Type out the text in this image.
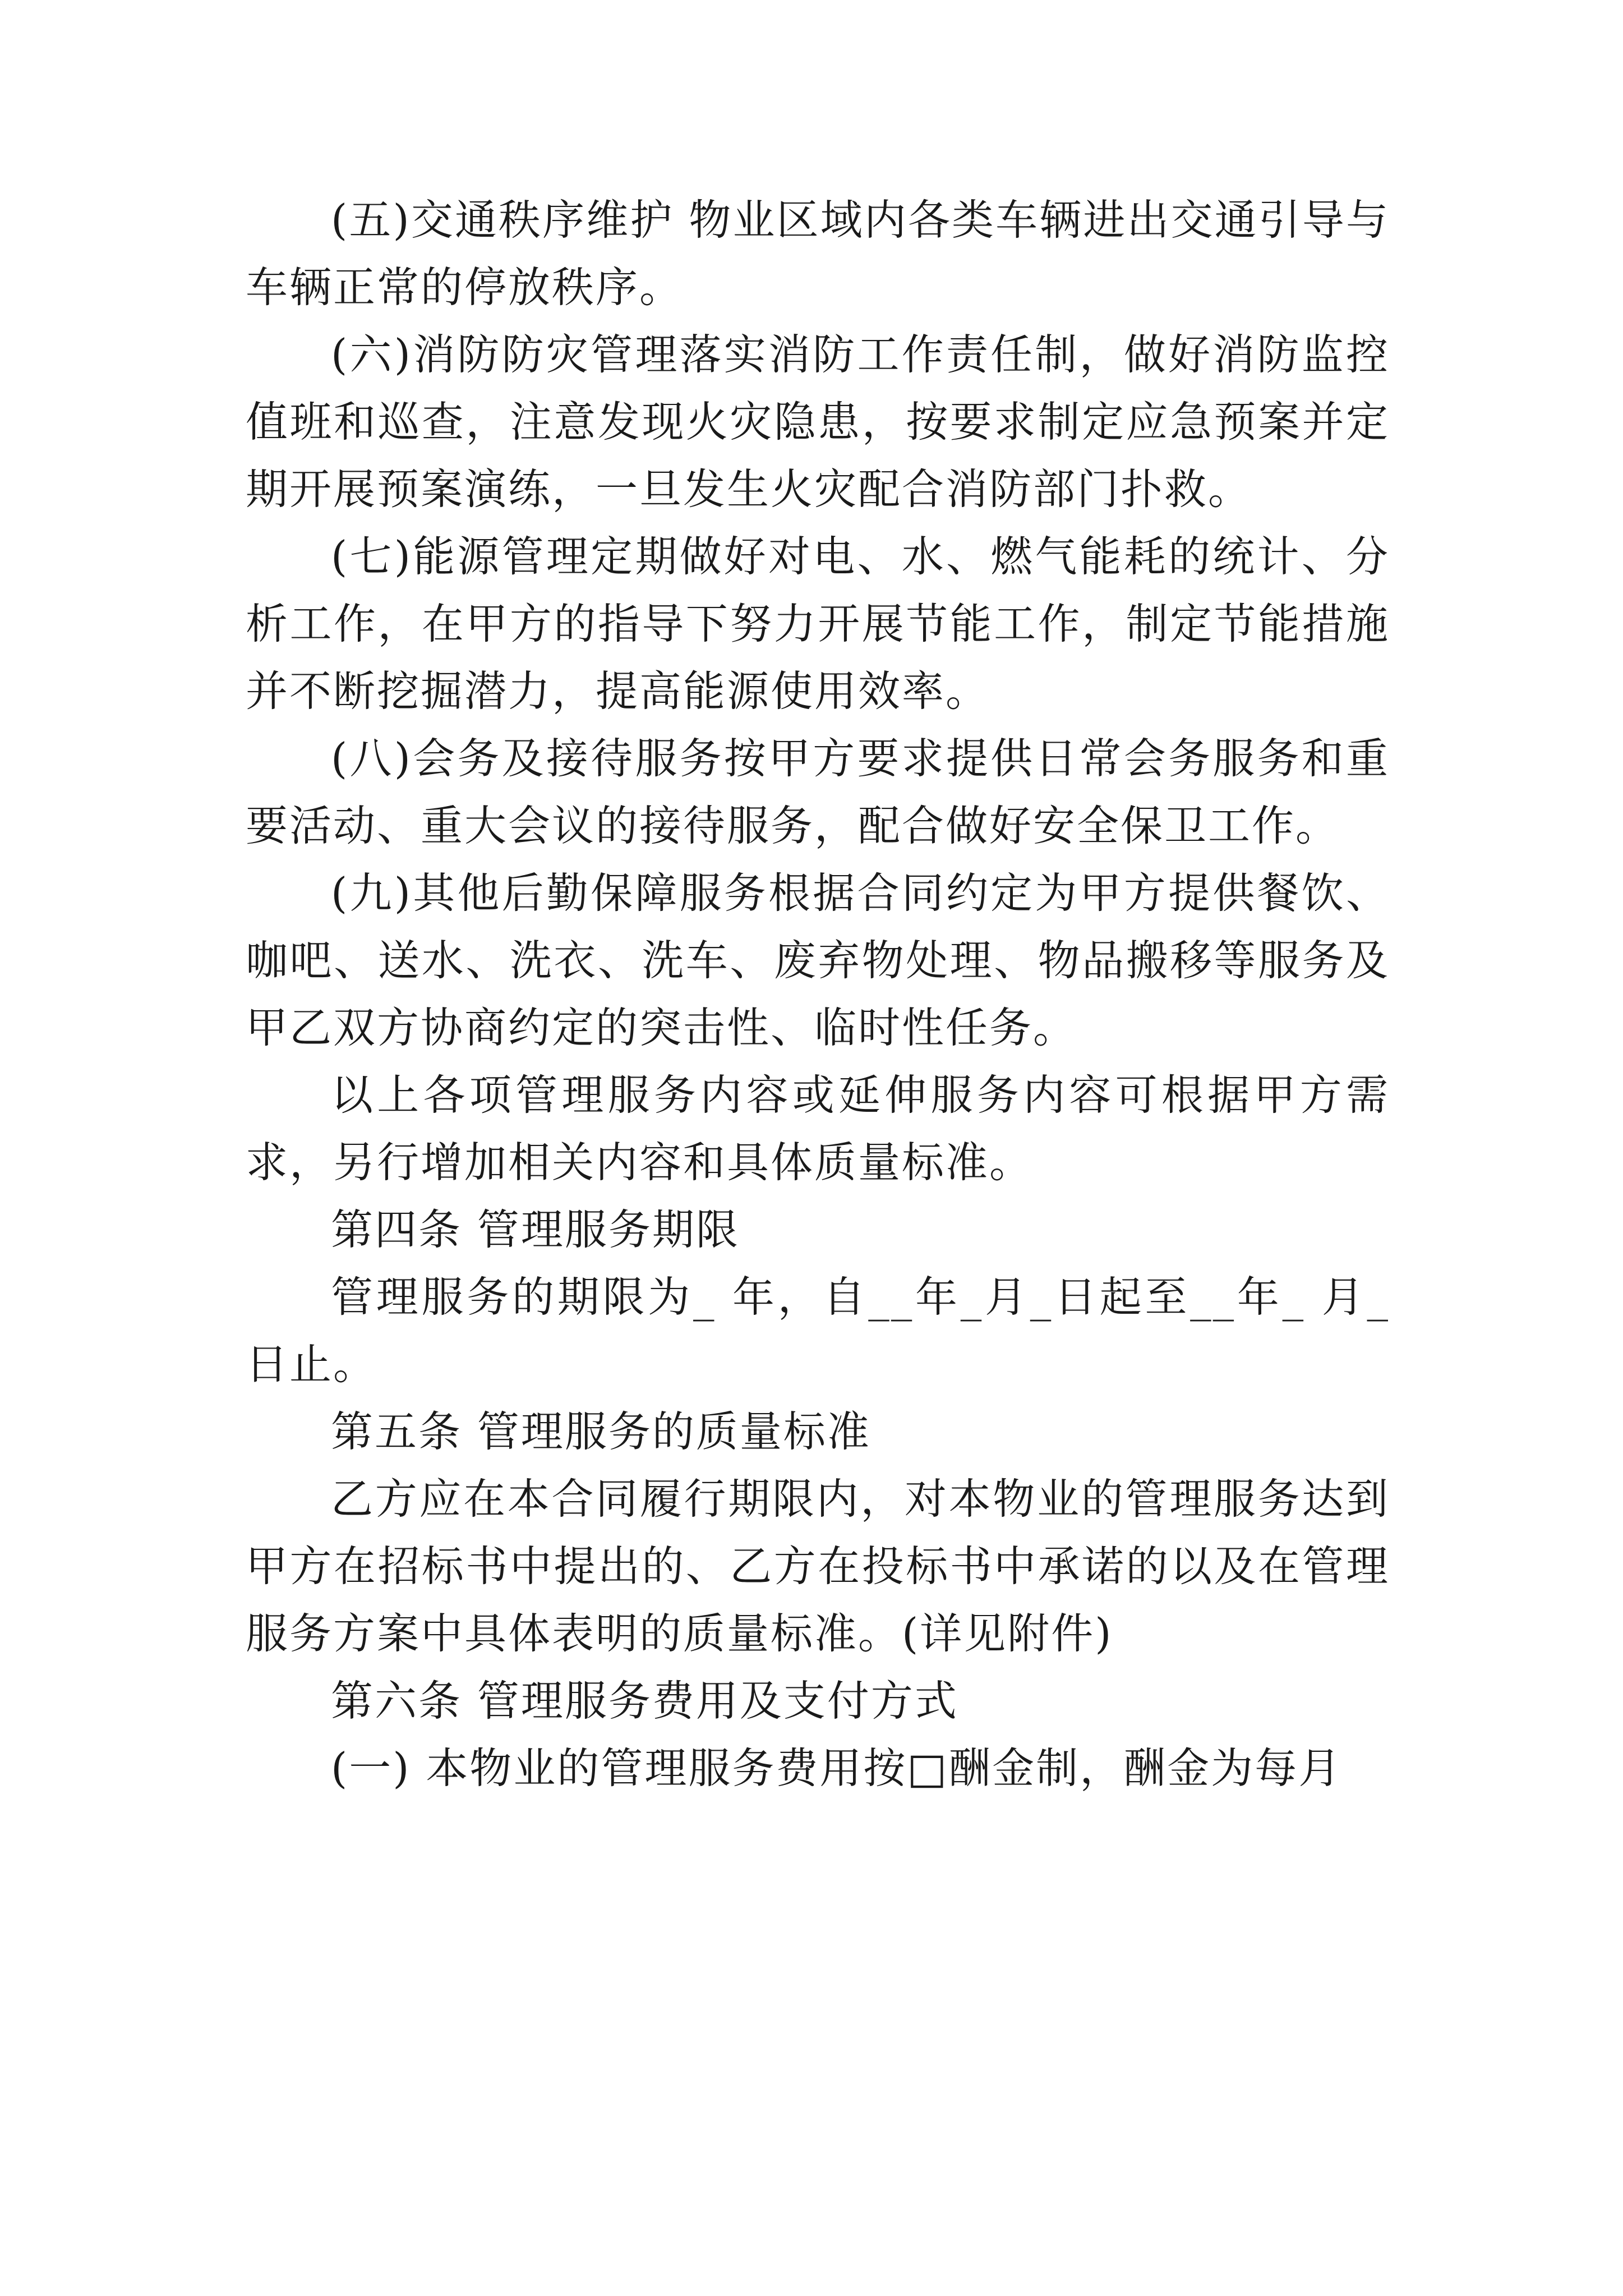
(五)交通秩序维护 物业区域内各类车辆进出交通引导与车辆正常的停放秩序。

(六)消防防灾管理落实消防工作责任制，做好消防监控值班和巡查，注意发现火灾隐患，按要求制定应急预案并定期开展预案演练，一旦发生火灾配合消防部门扑救。

(七)能源管理定期做好对电、水、燃气能耗的统计、分析工作，在甲方的指导下努力开展节能工作，制定节能措施并不断挖掘潜力，提高能源使用效率。

(八)会务及接待服务按甲方要求提供日常会务服务和重要活动、重大会议的接待服务，配合做好安全保卫工作。

(九)其他后勤保障服务根据合同约定为甲方提供餐饮、咖吧、送水、洗衣、洗车、废弃物处理、物品搬移等服务及甲乙双方协商约定的突击性、临时性任务。

以上各项管理服务内容或延伸服务内容可根据甲方需求，另行增加相关内容和具体质量标准。

第四条 管理服务期限

管理服务的期限为_ 年，自__年_月_日起至__年_ 月_日止。

第五条 管理服务的质量标准

乙方应在本合同履行期限内，对本物业的管理服务达到甲方在招标书中提出的、乙方在投标书中承诺的以及在管理服务方案中具体表明的质量标准。(详见附件)

第六条 管理服务费用及支付方式

(一) 本物业的管理服务费用按□酬金制，酬金为每月
